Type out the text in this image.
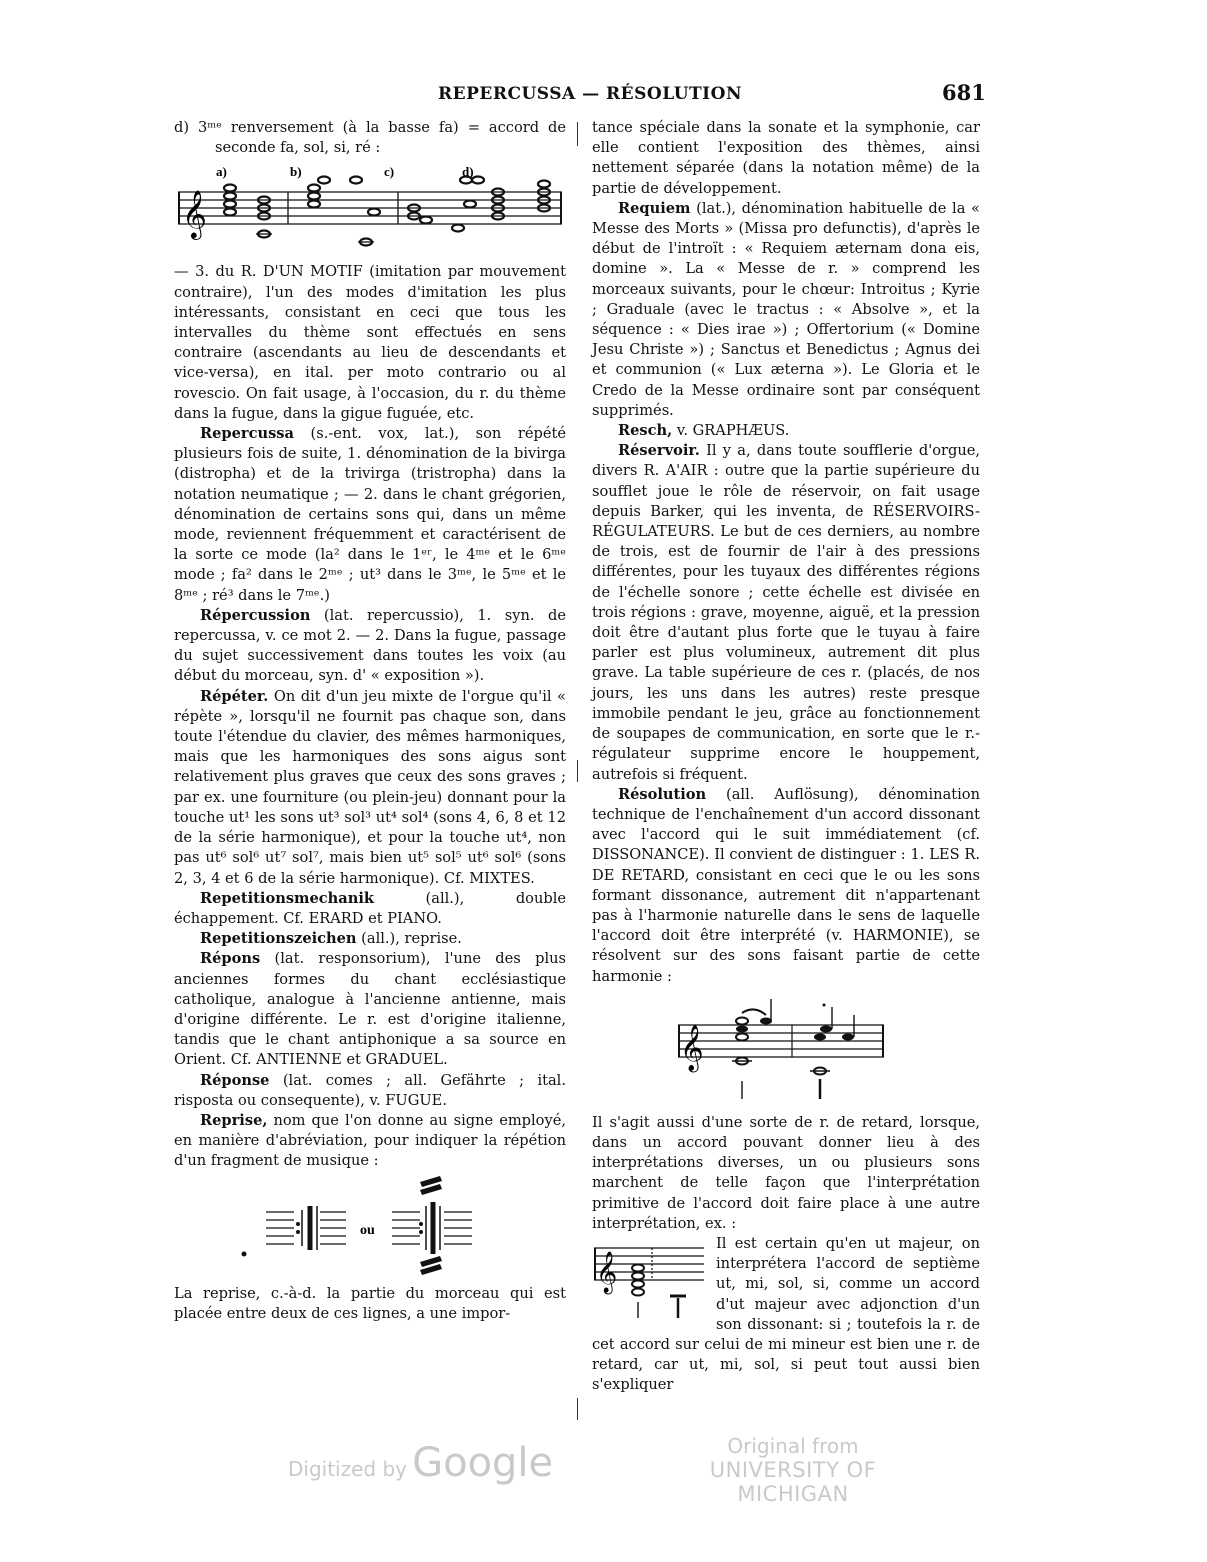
REPERCUSSA — RÉSOLUTION	681

d) 3ᵐᵉ renversement (à la basse fa) = accord de seconde fa, sol, si, ré :

a)	b)	c)	d)
𝄞

— 3. du R. D'UN MOTIF (imitation par mouvement contraire), l'un des modes d'imitation les plus intéressants, consistant en ceci que tous les intervalles du thème sont effectués en sens contraire (ascendants au lieu de descendants et vice-versa), en ital. per moto contrario ou al rovescio. On fait usage, à l'occasion, du r. du thème dans la fugue, dans la gigue fuguée, etc.

Repercussa (s.-ent. vox, lat.), son répété plusieurs fois de suite, 1. dénomination de la bivirga (distropha) et de la trivirga (tristropha) dans la notation neumatique ; — 2. dans le chant grégorien, dénomination de certains sons qui, dans un même mode, reviennent fréquemment et caractérisent de la sorte ce mode (la² dans le 1ᵉʳ, le 4ᵐᵉ et le 6ᵐᵉ mode ; fa² dans le 2ᵐᵉ ; ut³ dans le 3ᵐᵉ, le 5ᵐᵉ et le 8ᵐᵉ ; ré³ dans le 7ᵐᵉ.)

Répercussion (lat. repercussio), 1. syn. de repercussa, v. ce mot 2. — 2. Dans la fugue, passage du sujet successivement dans toutes les voix (au début du morceau, syn. d' « exposition »).

Répéter. On dit d'un jeu mixte de l'orgue qu'il « répète », lorsqu'il ne fournit pas chaque son, dans toute l'étendue du clavier, des mêmes harmoniques, mais que les harmoniques des sons aigus sont relativement plus graves que ceux des sons graves ; par ex. une fourniture (ou plein-jeu) donnant pour la touche ut¹ les sons ut³ sol³ ut⁴ sol⁴ (sons 4, 6, 8 et 12 de la série harmonique), et pour la touche ut⁴, non pas ut⁶ sol⁶ ut⁷ sol⁷, mais bien ut⁵ sol⁵ ut⁶ sol⁶ (sons 2, 3, 4 et 6 de la série harmonique). Cf. MIXTES.

Repetitionsmechanik (all.), double échappement. Cf. ERARD et PIANO.

Repetitionszeichen (all.), reprise.

Répons (lat. responsorium), l'une des plus anciennes formes du chant ecclésiastique catholique, analogue à l'ancienne antienne, mais d'origine différente. Le r. est d'origine italienne, tandis que le chant antiphonique a sa source en Orient. Cf. ANTIENNE et GRADUEL.

Réponse (lat. comes ; all. Gefährte ; ital. risposta ou consequente), v. FUGUE.

Reprise, nom que l'on donne au signe employé, en manière d'abréviation, pour indiquer la répétion d'un fragment de musique :

ou

La reprise, c.-à-d. la partie du morceau qui est placée entre deux de ces lignes, a une impor-

tance spéciale dans la sonate et la symphonie, car elle contient l'exposition des thèmes, ainsi nettement séparée (dans la notation même) de la partie de développement.

Requiem (lat.), dénomination habituelle de la « Messe des Morts » (Missa pro defunctis), d'après le début de l'introït : « Requiem æternam dona eis, domine ». La « Messe de r. » comprend les morceaux suivants, pour le chœur: Introitus ; Kyrie ; Graduale (avec le tractus : « Absolve », et la séquence : « Dies irae ») ; Offertorium (« Domine Jesu Christe ») ; Sanctus et Benedictus ; Agnus dei et communion (« Lux æterna »). Le Gloria et le Credo de la Messe ordinaire sont par conséquent supprimés.

Resch, v. GRAPHÆUS.

Réservoir. Il y a, dans toute soufflerie d'orgue, divers R. A'AIR : outre que la partie supérieure du soufflet joue le rôle de réservoir, on fait usage depuis Barker, qui les inventa, de RÉSERVOIRS-RÉGULATEURS. Le but de ces derniers, au nombre de trois, est de fournir de l'air à des pressions différentes, pour les tuyaux des différentes régions de l'échelle sonore ; cette échelle est divisée en trois régions : grave, moyenne, aiguë, et la pression doit être d'autant plus forte que le tuyau à faire parler est plus volumineux, autrement dit plus grave. La table supérieure de ces r. (placés, de nos jours, les uns dans les autres) reste presque immobile pendant le jeu, grâce au fonctionnement de soupapes de communication, en sorte que le r.-régulateur supprime encore le houppement, autrefois si fréquent.

Résolution (all. Auflösung), dénomination technique de l'enchaînement d'un accord dissonant avec l'accord qui le suit immédiatement (cf. DISSONANCE). Il convient de distinguer : 1. LES R. DE RETARD, consistant en ceci que le ou les sons formant dissonance, autrement dit n'appartenant pas à l'harmonie naturelle dans le sens de laquelle l'accord doit être interprété (v. HARMONIE), se résolvent sur des sons faisant partie de cette harmonie :

𝄞

Il s'agit aussi d'une sorte de r. de retard, lorsque, dans un accord pouvant donner lieu à des interprétations diverses, un ou plusieurs sons marchent de telle façon que l'interprétation primitive de l'accord doit faire place à une autre interprétation, ex. :

𝄞

Il est certain qu'en ut majeur, on interprétera l'accord de septième ut, mi, sol, si, comme un accord d'ut majeur avec adjonction d'un son dissonant: si ; toutefois la r. de cet accord sur celui de mi mineur est bien une r. de retard, car ut, mi, sol, si peut tout aussi bien s'expliquer

Digitized by Google	Original from
UNIVERSITY OF MICHIGAN
